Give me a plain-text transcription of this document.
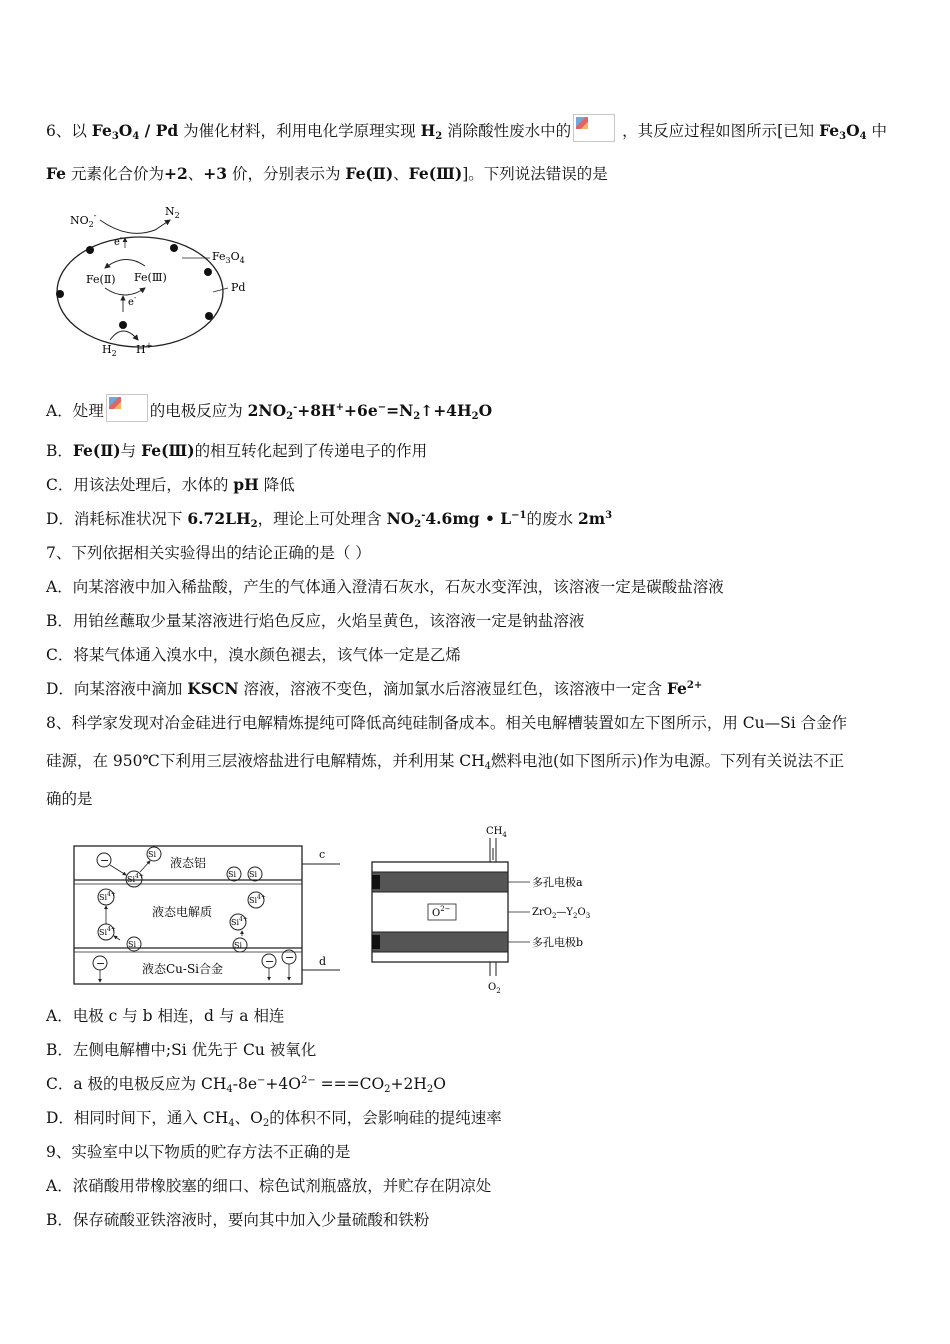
6、以 $Fe_3O_4$ / Pd 为催化材料，利用电化学原理实现 $H_2$ 消除酸性废水中的	，其反应过程如图所示[已知 $Fe_3O_4$ 中
Fe 元素化合价为+2、+3 价，分别表示为 Fe(Ⅱ)、Fe(Ⅲ)]。下列说法错误的是
$NO_2^-$	$N_2$
e-
Fe(Ⅱ) Fe(Ⅲ)
e-
$Fe_3O_4$
Pd
$H_2$ H+
A．处理	的电极反应为 $2NO_2^-+8H^++6e^-=N_2↑+4H_2O$
B．Fe(Ⅱ)与 Fe(Ⅲ)的相互转化起到了传递电子的作用
C．用该法处理后，水体的 pH 降低
D．消耗标准状况下 $6.72LH_2$，理论上可处理含 $NO_2^-4.6mg$ • $L^{-1}$的废水 $2m^3$
7、下列依据相关实验得出的结论正确的是（ ）
A．向某溶液中加入稀盐酸，产生的气体通入澄清石灰水，石灰水变浑浊，该溶液一定是碳酸盐溶液
B．用铂丝蘸取少量某溶液进行焰色反应，火焰呈黄色，该溶液一定是钠盐溶液
C．将某气体通入溴水中，溴水颜色褪去，该气体一定是乙烯
D．向某溶液中滴加 KSCN 溶液，溶液不变色，滴加氯水后溶液显红色，该溶液中一定含 $Fe^{2+}$
8、科学家发现对冶金硅进行电解精炼提纯可降低高纯硅制备成本。相关电解槽装置如左下图所示，用 Cu—Si 合金作
硅源，在 950℃下利用三层液熔盐进行电解精炼，并利用某 $CH_4$燃料电池(如下图所示)作为电源。下列有关说法不正
确的是
c
d
液态铝
液态电解质
液态Cu-Si合金
−	Si
$Si^{4+}$	Si Si
$Si^{4+}$
$Si^{4+}$
$Si^{4+}$
$Si^{4+}$
Si	Si
−	− −
$CH_4$
$O^{2-}$
$O_2$
多孔电极a
$ZrO_2—Y_2O_3$
多孔电极b
A．电极 c 与 b 相连，d 与 a 相连
B．左侧电解槽中;Si 优先于 Cu 被氧化
C．a 极的电极反应为 $CH_4-8e^-+4O^{2-} ===CO_2+2H_2O$
D．相同时间下，通入 $CH_4$、$O_2$的体积不同，会影响硅的提纯速率
9、实验室中以下物质的贮存方法不正确的是
A．浓硝酸用带橡胶塞的细口、棕色试剂瓶盛放，并贮存在阴凉处
B．保存硫酸亚铁溶液时，要向其中加入少量硫酸和铁粉
